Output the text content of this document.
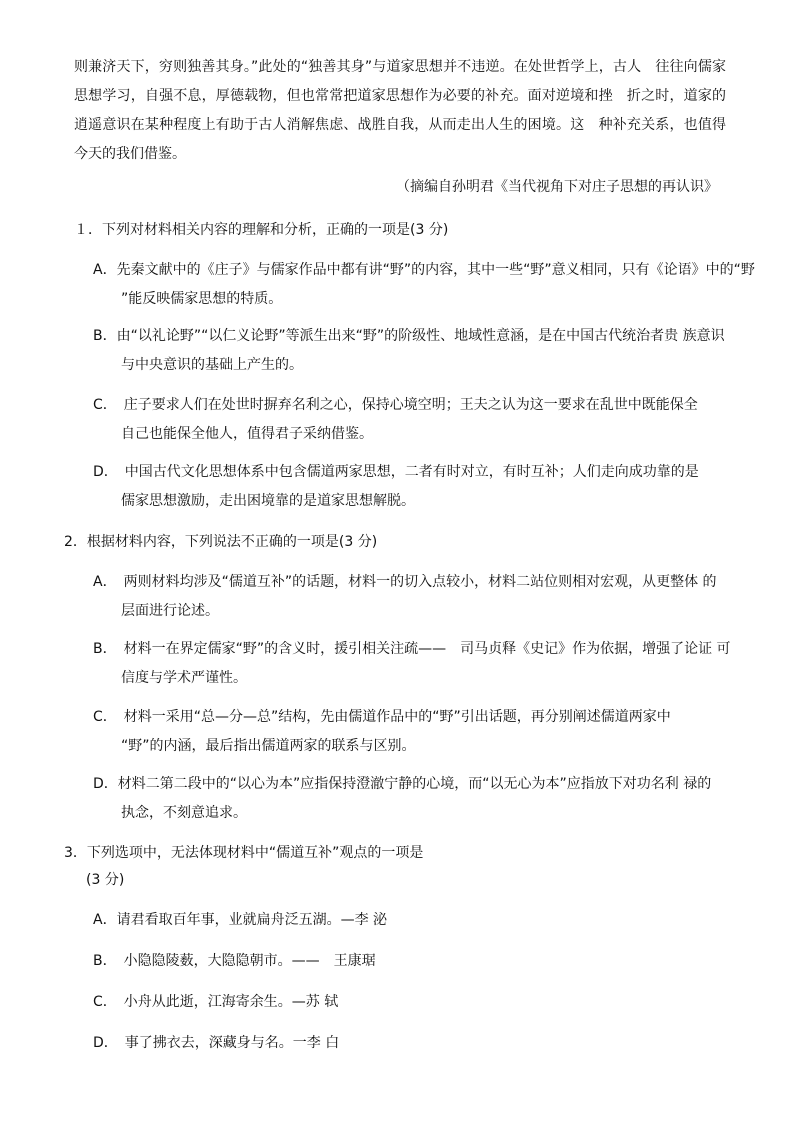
则兼济天下，穷则独善其身。”此处的“独善其身”与道家思想并不违逆。在处世哲学上，古人　往往向儒家思想学习，自强不息，厚德载物，但也常常把道家思想作为必要的补充。面对逆境和挫　折之时，道家的逍遥意识在某种程度上有助于古人消解焦虑、战胜自我，从而走出人生的困境。这　种补充关系，也值得今天的我们借鉴。

（摘编自孙明君《当代视角下对庄子思想的再认识》

１．下列对材料相关内容的理解和分析，正确的一项是(3 分)

A．先秦文献中的《庄子》与儒家作品中都有讲“野”的内容，其中一些“野”意义相同，只有《论语》中的“野
”能反映儒家思想的特质。
B．由“以礼论野”“以仁义论野”等派生出来“野”的阶级性、地域性意涵，是在中国古代统治者贵 族意识
与中央意识的基础上产生的。
C．　庄子要求人们在处世时摒弃名利之心，保持心境空明；王夫之认为这一要求在乱世中既能保全
自己也能保全他人，值得君子采纳借鉴。
D．　中国古代文化思想体系中包含儒道两家思想，二者有时对立，有时互补；人们走向成功靠的是
儒家思想激励，走出困境靠的是道家思想解脱。

2．根据材料内容，下列说法不正确的一项是(3 分)

A．　两则材料均涉及“儒道互补”的话题，材料一的切入点较小，材料二站位则相对宏观，从更整体 的
层面进行论述。
B．　材料一在界定儒家“野”的含义时，援引相关注疏——　司马贞释《史记》作为依据，增强了论证 可
信度与学术严谨性。
C．　材料一采用“总—分—总”结构，先由儒道作品中的“野”引出话题，再分别阐述儒道两家中
“野”的内涵，最后指出儒道两家的联系与区别。
D．材料二第二段中的“以心为本”应指保持澄澈宁静的心境，而“以无心为本”应指放下对功名利 禄的
执念，不刻意追求。

3．下列选项中，无法体现材料中“儒道互补”观点的一项是

(3 分)

A．请君看取百年事，业就扁舟泛五湖。—李 泌

B．　小隐隐陵薮，大隐隐朝市。——　王康琚

C．　小舟从此逝，江海寄余生。—苏 轼

D．　事了拂衣去，深藏身与名。一李 白
